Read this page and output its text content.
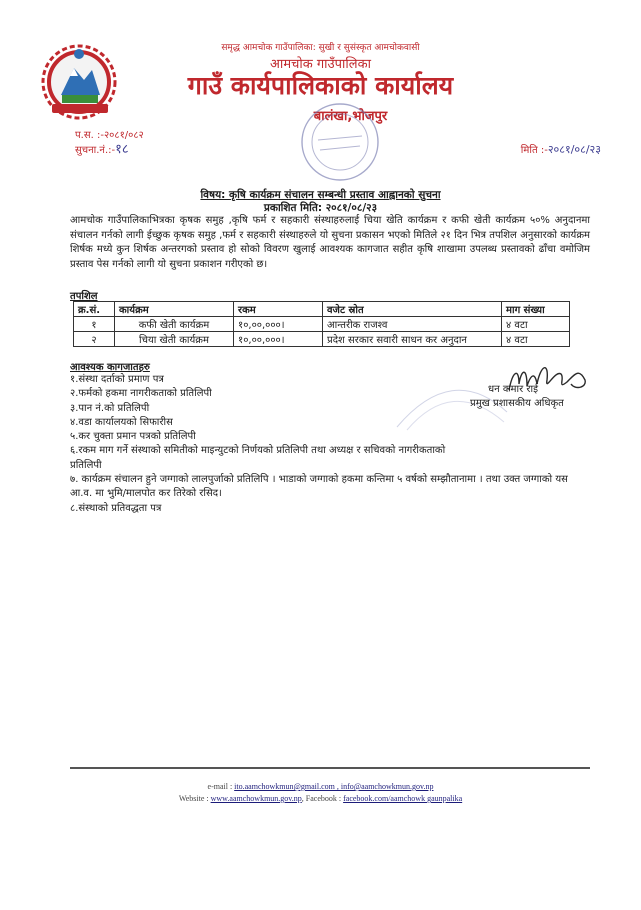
समृद्ध आमचोक गाउँपालिका: सुखी र सुसंस्कृत आमचोकवासी
आमचोक गाउँपालिका
गाउँ कार्यपालिकाको कार्यालय
बालंखा,भोजपुर
प.स. :-२०८१/०८२
सुचना.नं.:-१८	मिति :-२०८१/०८/२३
विषय: कृषि कार्यक्रम संचालन सम्बन्धी प्रस्ताव आह्वानको सुचना
प्रकाशित मिति: २०८१/०८/२३
आमचोक गाउँपालिकाभित्रका कृषक समुह ,कृषि फर्म र सहकारी संस्थाहरुलाई चिया खेति कार्यक्रम र कफी खेती कार्यक्रम ५०% अनुदानमा संचालन गर्नको लागी ईच्छुक कृषक समुह ,फर्म र सहकारी संस्थाहरुले यो सुचना प्रकासन भएको मितिले २१ दिन भित्र तपशिल अनुसारको कार्यक्रम शिर्षक मध्ये कुन शिर्षक अन्तरगको प्रस्ताव हो सोको विवरण खुलाई आवश्यक कागजात सहीत कृषि शाखामा उपलब्ध प्रस्तावको ढाँचा वमोजिम प्रस्ताव पेस गर्नको लागी यो सुचना प्रकाशन गरीएको छ।
तपशिल
क्र.सं.	कार्यक्रम	रकम	वजेट स्रोत	माग संख्या
१	कफी खेती कार्यक्रम	१०,००,०००।	आन्तरीक राजश्व	४ वटा
२	चिया खेती कार्यक्रम	१०,००,०००।	प्रदेश सरकार सवारी साधन कर अनुदान	४ वटा
आवश्यक कागजातहरु
१.संस्था दर्ताको प्रमाण पत्र
२.फर्मको हकमा नागरीकताको प्रतिलिपी
३.पान नं.को प्रतिलिपी
४.वडा कार्यालयको सिफारीस
५.कर चुक्ता प्रमान पत्रको प्रतिलिपी
६.रकम माग गर्ने संस्थाको समितीको माइन्युटको निर्णयको प्रतिलिपी तथा अध्यक्ष र सचिवको नागरीकताको प्रतिलिपी
७. कार्यक्रम संचालन हुने जग्गाको लालपुर्जाको प्रतिलिपि । भाडाको जग्गाको हकमा कन्तिमा ५ वर्षको सम्झौतानामा । तथा उक्त जग्गाको यस आ.व. मा भुमि/मालपोत कर तिरेको रसिद।
८.संस्थाको प्रतिवद्धता पत्र
धन कमार राई
प्रमुख प्रशासकीय अधिकृत
e-mail : ito.aamchowkmun@gmail.com , info@aamchowkmun.gov.np
Website : www.aamchowkmun.gov.np, Facebook : facebook.com/aamchowk gaunpalika
